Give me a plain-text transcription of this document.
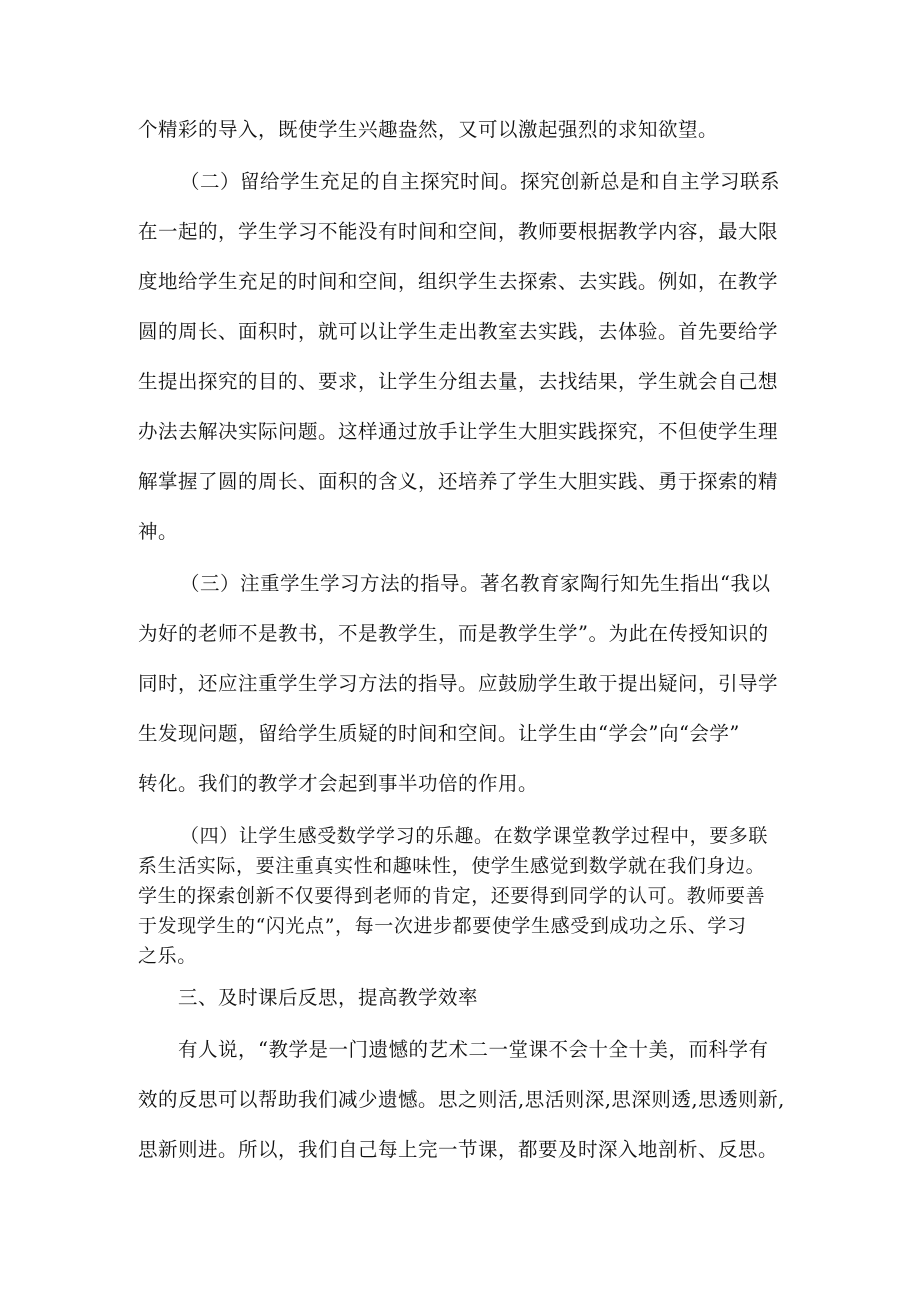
个精彩的导入，既使学生兴趣盎然，又可以激起强烈的求知欲望。
（二）留给学生充足的自主探究时间。探究创新总是和自主学习联系
在一起的，学生学习不能没有时间和空间，教师要根据教学内容，最大限
度地给学生充足的时间和空间，组织学生去探索、去实践。例如，在教学
圆的周长、面积时，就可以让学生走出教室去实践，去体验。首先要给学
生提出探究的目的、要求，让学生分组去量，去找结果，学生就会自己想
办法去解决实际问题。这样通过放手让学生大胆实践探究，不但使学生理
解掌握了圆的周长、面积的含义，还培养了学生大胆实践、勇于探索的精
神。
（三）注重学生学习方法的指导。著名教育家陶行知先生指出“我以
为好的老师不是教书，不是教学生，而是教学生学”。为此在传授知识的
同时，还应注重学生学习方法的指导。应鼓励学生敢于提出疑问，引导学
生发现问题，留给学生质疑的时间和空间。让学生由“学会”向“会学”
转化。我们的教学才会起到事半功倍的作用。
（四）让学生感受数学学习的乐趣。在数学课堂教学过程中，要多联
系生活实际，要注重真实性和趣味性，使学生感觉到数学就在我们身边。
学生的探索创新不仅要得到老师的肯定，还要得到同学的认可。教师要善
于发现学生的“闪光点”，每一次进步都要使学生感受到成功之乐、学习
之乐。
三、及时课后反思，提高教学效率
有人说，“教学是一门遗憾的艺术二一堂课不会十全十美，而科学有
效的反思可以帮助我们减少遗憾。思之则活,思活则深,思深则透,思透则新,
思新则进。所以，我们自己每上完一节课，都要及时深入地剖析、反思。
